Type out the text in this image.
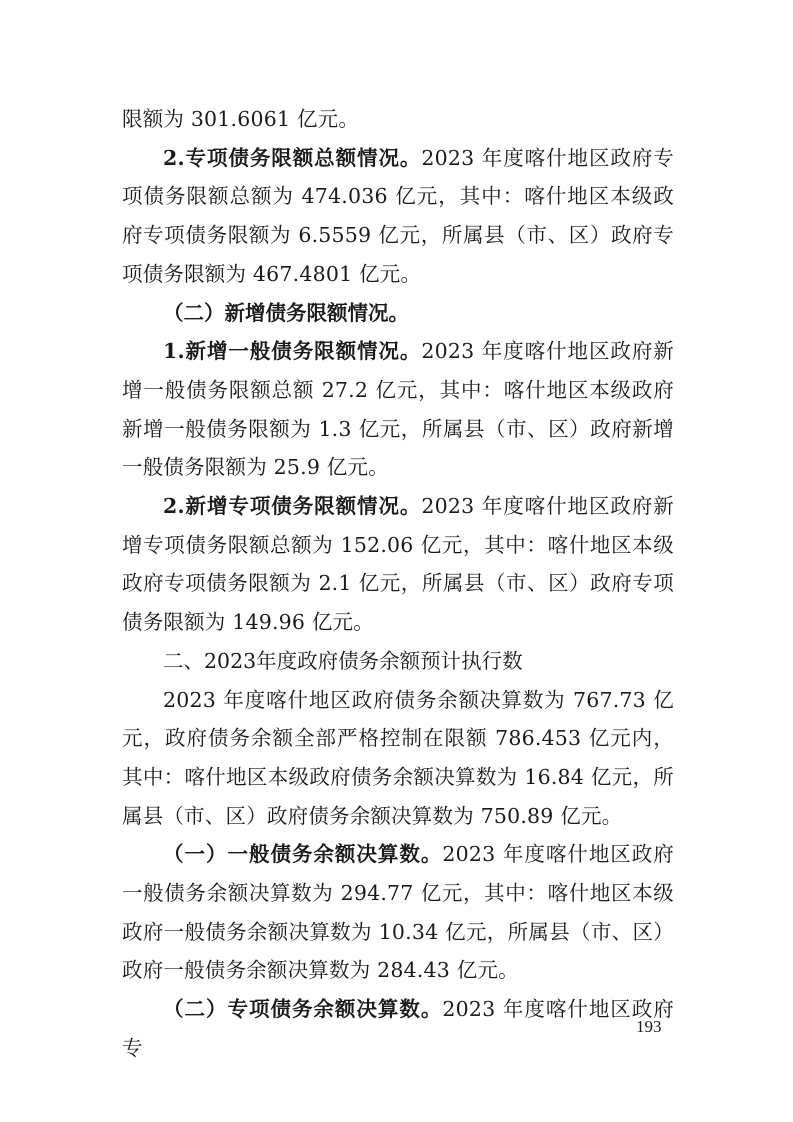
限额为 301.6061 亿元。

2.专项债务限额总额情况。2023 年度喀什地区政府专项债务限额总额为 474.036 亿元，其中：喀什地区本级政府专项债务限额为 6.5559 亿元，所属县（市、区）政府专项债务限额为 467.4801 亿元。

（二）新增债务限额情况。

1.新增一般债务限额情况。2023 年度喀什地区政府新增一般债务限额总额 27.2 亿元，其中：喀什地区本级政府新增一般债务限额为 1.3 亿元，所属县（市、区）政府新增一般债务限额为 25.9 亿元。

2.新增专项债务限额情况。2023 年度喀什地区政府新增专项债务限额总额为 152.06 亿元，其中：喀什地区本级政府专项债务限额为 2.1 亿元，所属县（市、区）政府专项债务限额为 149.96 亿元。

二、2023年度政府债务余额预计执行数

2023 年度喀什地区政府债务余额决算数为 767.73 亿元，政府债务余额全部严格控制在限额 786.453 亿元内，其中：喀什地区本级政府债务余额决算数为 16.84 亿元，所属县（市、区）政府债务余额决算数为 750.89 亿元。

（一）一般债务余额决算数。2023 年度喀什地区政府一般债务余额决算数为 294.77 亿元，其中：喀什地区本级政府一般债务余额决算数为 10.34 亿元，所属县（市、区）政府一般债务余额决算数为 284.43 亿元。

（二）专项债务余额决算数。2023 年度喀什地区政府专

193
